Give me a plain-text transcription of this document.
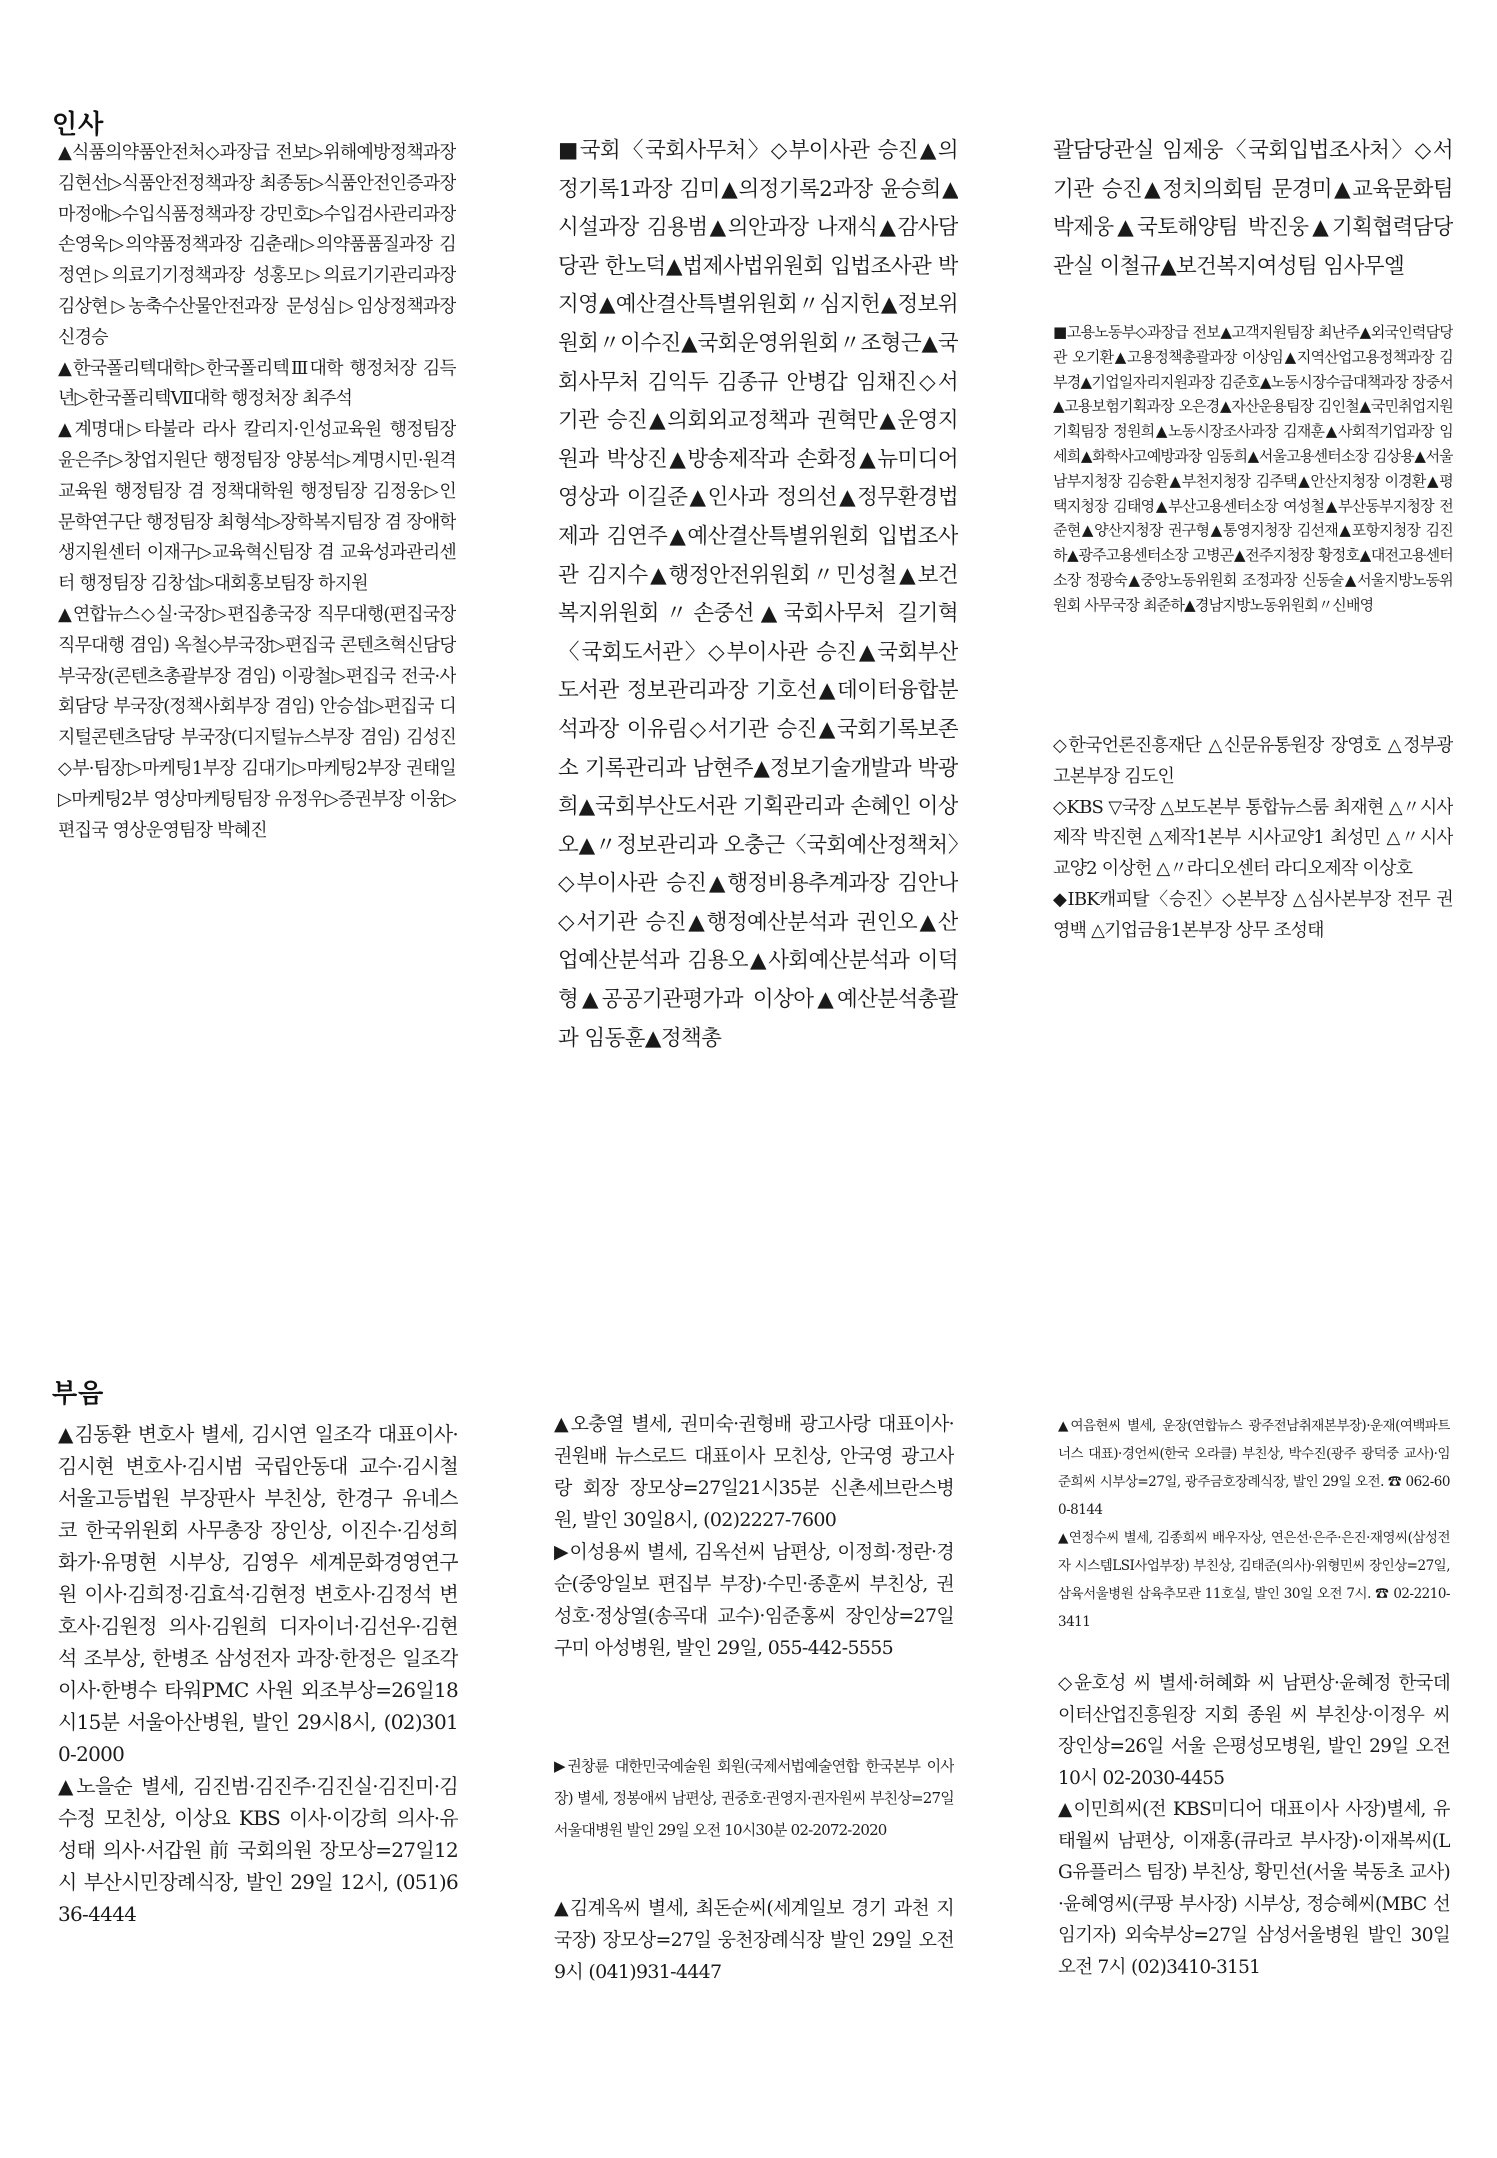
인사
부음

▲식품의약품안전처◇과장급 전보▷위해예방정책과장 김현선▷식품안전정책과장 최종동▷식품안전인증과장 마정애▷수입식품정책과장 강민호▷수입검사관리과장 손영욱▷의약품정책과장 김춘래▷의약품품질과장 김정연▷의료기기정책과장 성홍모▷의료기기관리과장 김상현▷농축수산물안전과장 문성심▷임상정책과장 신경승

▲한국폴리텍대학▷한국폴리텍Ⅲ대학 행정처장 김득년▷한국폴리텍Ⅶ대학 행정처장 최주석

▲계명대▷타불라 라사 칼리지·인성교육원 행정팀장 윤은주▷창업지원단 행정팀장 양봉석▷계명시민·원격교육원 행정팀장 겸 정책대학원 행정팀장 김정웅▷인문학연구단 행정팀장 최형석▷장학복지팀장 겸 장애학생지원센터 이재구▷교육혁신팀장 겸 교육성과관리센터 행정팀장 김창섭▷대회홍보팀장 하지원

▲연합뉴스◇실·국장▷편집총국장 직무대행(편집국장 직무대행 겸임) 옥철◇부국장▷편집국 콘텐츠혁신담당 부국장(콘텐츠총괄부장 겸임) 이광철▷편집국 전국·사회담당 부국장(정책사회부장 겸임) 안승섭▷편집국 디지털콘텐츠담당 부국장(디지털뉴스부장 겸임) 김성진◇부·팀장▷마케팅1부장 김대기▷마케팅2부장 권태일▷마케팅2부 영상마케팅팀장 유정우▷증권부장 이웅▷편집국 영상운영팀장 박혜진

■국회〈국회사무처〉◇부이사관 승진▲의정기록1과장 김미▲의정기록2과장 윤승희▲시설과장 김용범▲의안과장 나재식▲감사담당관 한노덕▲법제사법위원회 입법조사관 박지영▲예산결산특별위원회〃심지헌▲정보위원회〃이수진▲국회운영위원회〃조형근▲국회사무처 김익두 김종규 안병갑 임채진◇서기관 승진▲의회외교정책과 권혁만▲운영지원과 박상진▲방송제작과 손화정▲뉴미디어영상과 이길준▲인사과 정의선▲정무환경법제과 김연주▲예산결산특별위원회 입법조사관 김지수▲행정안전위원회〃민성철▲보건복지위원회〃손중선▲국회사무처 길기혁〈국회도서관〉◇부이사관 승진▲국회부산도서관 정보관리과장 기호선▲데이터융합분석과장 이유림◇서기관 승진▲국회기록보존소 기록관리과 남현주▲정보기술개발과 박광희▲국회부산도서관 기획관리과 손혜인 이상오▲〃정보관리과 오충근〈국회예산정책처〉◇부이사관 승진▲행정비용추계과장 김안나◇서기관 승진▲행정예산분석과 권인오▲산업예산분석과 김용오▲사회예산분석과 이덕형▲공공기관평가과 이상아▲예산분석총괄과 임동훈▲정책총

괄담당관실 임제웅〈국회입법조사처〉◇서기관 승진▲정치의회팀 문경미▲교육문화팀 박제웅▲국토해양팀 박진웅▲기획협력담당관실 이철규▲보건복지여성팀 임사무엘

■고용노동부◇과장급 전보▲고객지원팀장 최난주▲외국인력담당관 오기환▲고용정책총괄과장 이상임▲지역산업고용정책과장 김부경▲기업일자리지원과장 김준호▲노동시장수급대책과장 장중서▲고용보험기획과장 오은경▲자산운용팀장 김인철▲국민취업지원기획팀장 정원희▲노동시장조사과장 김재훈▲사회적기업과장 임세희▲화학사고예방과장 임동희▲서울고용센터소장 김상용▲서울남부지청장 김승환▲부천지청장 김주택▲안산지청장 이경환▲평택지청장 김태영▲부산고용센터소장 여성철▲부산동부지청장 전준현▲양산지청장 권구형▲통영지청장 김선재▲포항지청장 김진하▲광주고용센터소장 고병곤▲전주지청장 황정호▲대전고용센터소장 정광숙▲중앙노동위원회 조정과장 신동술▲서울지방노동위원회 사무국장 최준하▲경남지방노동위원회〃신배영

◇한국언론진흥재단 △신문유통원장 장영호 △정부광고본부장 김도인

◇KBS ▽국장 △보도본부 통합뉴스룸 최재현 △〃시사제작 박진현 △제작1본부 시사교양1 최성민 △〃시사교양2 이상헌 △〃라디오센터 라디오제작 이상호

◆IBK캐피탈〈승진〉◇본부장 △심사본부장 전무 권영백 △기업금융1본부장 상무 조성태

▲김동환 변호사 별세, 김시연 일조각 대표이사·김시현 변호사·김시범 국립안동대 교수·김시철 서울고등법원 부장판사 부친상, 한경구 유네스코 한국위원회 사무총장 장인상, 이진수·김성희 화가·유명현 시부상, 김영우 세계문화경영연구원 이사·김희정·김효석·김현정 변호사·김정석 변호사·김원정 의사·김원희 디자이너·김선우·김현석 조부상, 한병조 삼성전자 과장·한정은 일조각 이사·한병수 타워PMC 사원 외조부상=26일18시15분 서울아산병원, 발인 29시8시, (02)3010-2000

▲노을순 별세, 김진범·김진주·김진실·김진미·김수정 모친상, 이상요 KBS 이사·이강희 의사·유성태 의사·서갑원 前 국회의원 장모상=27일12시 부산시민장례식장, 발인 29일 12시, (051)636-4444

▲오충열 별세, 권미숙·권형배 광고사랑 대표이사·권원배 뉴스로드 대표이사 모친상, 안국영 광고사랑 회장 장모상=27일21시35분 신촌세브란스병원, 발인 30일8시, (02)2227-7600

▶이성용씨 별세, 김옥선씨 남편상, 이정희·정란·경순(중앙일보 편집부 부장)·수민·종훈씨 부친상, 권성호·정상열(송곡대 교수)·임준홍씨 장인상=27일 구미 아성병원, 발인 29일, 055-442-5555

▶권창륜 대한민국예술원 회원(국제서법예술연합 한국본부 이사장) 별세, 정봉애씨 남편상, 권중호·권영지·권자원씨 부친상=27일 서울대병원 발인 29일 오전 10시30분 02-2072-2020

▲김계옥씨 별세, 최돈순씨(세계일보 경기 과천 지국장) 장모상=27일 웅천장례식장 발인 29일 오전 9시 (041)931-4447

▲여음현씨 별세, 운장(연합뉴스 광주전남취재본부장)·운재(여백파트너스 대표)·경언씨(한국 오라클) 부친상, 박수진(광주 광덕중 교사)·임준희씨 시부상=27일, 광주금호장례식장, 발인 29일 오전. ☎ 062-600-8144

▲연정수씨 별세, 김종희씨 배우자상, 연은선·은주·은진·재영씨(삼성전자 시스템LSI사업부장) 부친상, 김태준(의사)·위형민씨 장인상=27일, 삼육서울병원 삼육추모관 11호실, 발인 30일 오전 7시. ☎ 02-2210-3411

◇윤호성 씨 별세·허혜화 씨 남편상·윤혜정 한국데이터산업진흥원장 지회 종원 씨 부친상·이정우 씨 장인상=26일 서울 은평성모병원, 발인 29일 오전 10시 02-2030-4455

▲이민희씨(전 KBS미디어 대표이사 사장)별세, 유태월씨 남편상, 이재홍(큐라코 부사장)·이재복씨(LG유플러스 팀장) 부친상, 황민선(서울 북동초 교사)·윤혜영씨(쿠팡 부사장) 시부상, 정승혜씨(MBC 선임기자) 외숙부상=27일 삼성서울병원 발인 30일 오전 7시 (02)3410-3151
